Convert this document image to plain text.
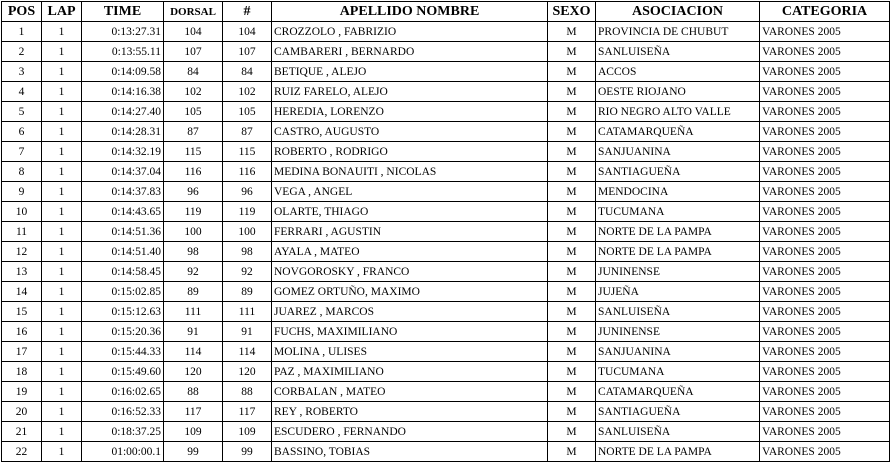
POS	LAP	TIME	DORSAL	#	APELLIDO NOMBRE	SEXO	ASOCIACION	CATEGORIA
1	1	0:13:27.31	104	104	CROZZOLO , FABRIZIO	M	PROVINCIA DE CHUBUT	VARONES 2005
2	1	0:13:55.11	107	107	CAMBARERI , BERNARDO	M	SANLUISEÑA	VARONES 2005
3	1	0:14:09.58	84	84	BETIQUE , ALEJO	M	ACCOS	VARONES 2005
4	1	0:14:16.38	102	102	RUIZ FARELO, ALEJO	M	OESTE RIOJANO	VARONES 2005
5	1	0:14:27.40	105	105	HEREDIA, LORENZO	M	RIO NEGRO ALTO VALLE	VARONES 2005
6	1	0:14:28.31	87	87	CASTRO, AUGUSTO	M	CATAMARQUEÑA	VARONES 2005
7	1	0:14:32.19	115	115	ROBERTO , RODRIGO	M	SANJUANINA	VARONES 2005
8	1	0:14:37.04	116	116	MEDINA BONAUITI , NICOLAS	M	SANTIAGUEÑA	VARONES 2005
9	1	0:14:37.83	96	96	VEGA , ANGEL	M	MENDOCINA	VARONES 2005
10	1	0:14:43.65	119	119	OLARTE, THIAGO	M	TUCUMANA	VARONES 2005
11	1	0:14:51.36	100	100	FERRARI , AGUSTIN	M	NORTE DE LA PAMPA	VARONES 2005
12	1	0:14:51.40	98	98	AYALA , MATEO	M	NORTE DE LA PAMPA	VARONES 2005
13	1	0:14:58.45	92	92	NOVGOROSKY , FRANCO	M	JUNINENSE	VARONES 2005
14	1	0:15:02.85	89	89	GOMEZ ORTUÑO, MAXIMO	M	JUJEÑA	VARONES 2005
15	1	0:15:12.63	111	111	JUAREZ , MARCOS	M	SANLUISEÑA	VARONES 2005
16	1	0:15:20.36	91	91	FUCHS, MAXIMILIANO	M	JUNINENSE	VARONES 2005
17	1	0:15:44.33	114	114	MOLINA , ULISES	M	SANJUANINA	VARONES 2005
18	1	0:15:49.60	120	120	PAZ , MAXIMILIANO	M	TUCUMANA	VARONES 2005
19	1	0:16:02.65	88	88	CORBALAN , MATEO	M	CATAMARQUEÑA	VARONES 2005
20	1	0:16:52.33	117	117	REY , ROBERTO	M	SANTIAGUEÑA	VARONES 2005
21	1	0:18:37.25	109	109	ESCUDERO , FERNANDO	M	SANLUISEÑA	VARONES 2005
22	1	01:00:00.1	99	99	BASSINO, TOBIAS	M	NORTE DE LA PAMPA	VARONES 2005
